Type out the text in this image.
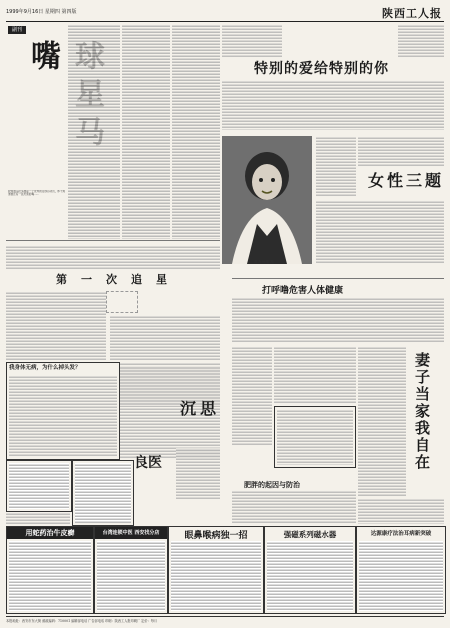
1999年9月16日 星期四 第四版	陕西工人报
副刊
嘴
我知道马拉多纳是一个优秀的足球运动员，却不知道他还有一张厉害的嘴……
第一次追星
特别的爱给特别的你
图为 杨蕾 摄
女性三题
打呼噜危害人体健康
我身体无病，为什么掉头发？
沉思
良医
肥胖的起因与防治
妻子当家我自在
用蛇药治牛皮癣	台湾连锁中医 西安找分店	眼鼻喉病独一招	强磁系列磁水器	达源康疗法治耳病新突破
本报地址：西安市东大街 邮政编码：710001 编辑部电话 广告部电话 印刷：陕西工人报印刷厂 定价：每月
